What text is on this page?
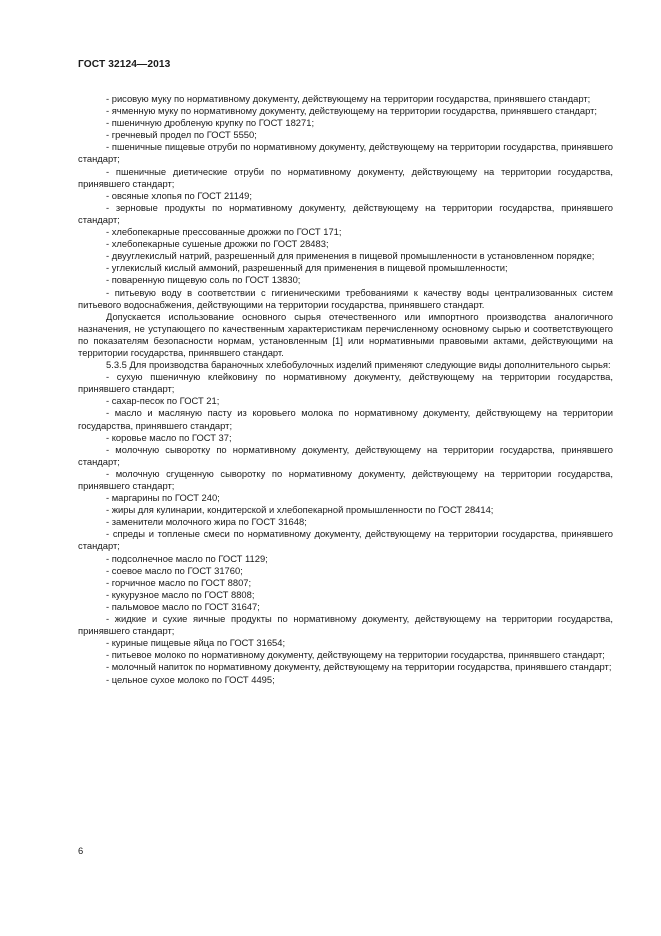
ГОСТ 32124—2013

- рисовую муку по нормативному документу, действующему на территории государства, принявшего стандарт;

- ячменную муку по нормативному документу, действующему на территории государства, принявшего стандарт;

- пшеничную дробленую крупку по ГОСТ 18271;

- гречневый продел по ГОСТ 5550;

- пшеничные пищевые отруби по нормативному документу, действующему на территории государства, принявшего стандарт;

- пшеничные диетические отруби по нормативному документу, действующему на территории государства, принявшего стандарт;

- овсяные хлопья по ГОСТ 21149;

- зерновые продукты по нормативному документу, действующему на территории государства, принявшего стандарт;

- хлебопекарные прессованные дрожжи по ГОСТ 171;

- хлебопекарные сушеные дрожжи по ГОСТ 28483;

- двууглекислый натрий, разрешенный для применения в пищевой промышленности в установленном порядке;

- углекислый кислый аммоний, разрешенный для применения в пищевой промышленности;

- поваренную пищевую соль по ГОСТ 13830;

- питьевую воду в соответствии с гигиеническими требованиями к качеству воды централизованных систем питьевого водоснабжения, действующими на территории государства, принявшего стандарт.

Допускается использование основного сырья отечественного или импортного производства аналогичного назначения, не уступающего по качественным характеристикам перечисленному основному сырью и соответствующего по показателям безопасности нормам, установленным [1] или нормативными правовыми актами, действующими на территории государства, принявшего стандарт.

5.3.5 Для производства бараночных хлебобулочных изделий применяют следующие виды дополнительного сырья:

- сухую пшеничную клейковину по нормативному документу, действующему на территории государства, принявшего стандарт;

- сахар-песок по ГОСТ 21;

- масло и масляную пасту из коровьего молока по нормативному документу, действующему на территории государства, принявшего стандарт;

- коровье масло по ГОСТ 37;

- молочную сыворотку по нормативному документу, действующему на территории государства, принявшего стандарт;

- молочную сгущенную сыворотку по нормативному документу, действующему на территории государства, принявшего стандарт;

- маргарины по ГОСТ 240;

- жиры для кулинарии, кондитерской и хлебопекарной промышленности по ГОСТ 28414;

- заменители молочного жира по ГОСТ 31648;

- спреды и топленые смеси по нормативному документу, действующему на территории государства, принявшего стандарт;

- подсолнечное масло по ГОСТ 1129;

- соевое масло по ГОСТ 31760;

- горчичное масло по ГОСТ 8807;

- кукурузное масло по ГОСТ 8808;

- пальмовое масло по ГОСТ 31647;

- жидкие и сухие яичные продукты по нормативному документу, действующему на территории государства, принявшего стандарт;

- куриные пищевые яйца по ГОСТ 31654;

- питьевое молоко по нормативному документу, действующему на территории государства, принявшего стандарт;

- молочный напиток по нормативному документу, действующему на территории государства, принявшего стандарт;

- цельное сухое молоко по ГОСТ 4495;

6
